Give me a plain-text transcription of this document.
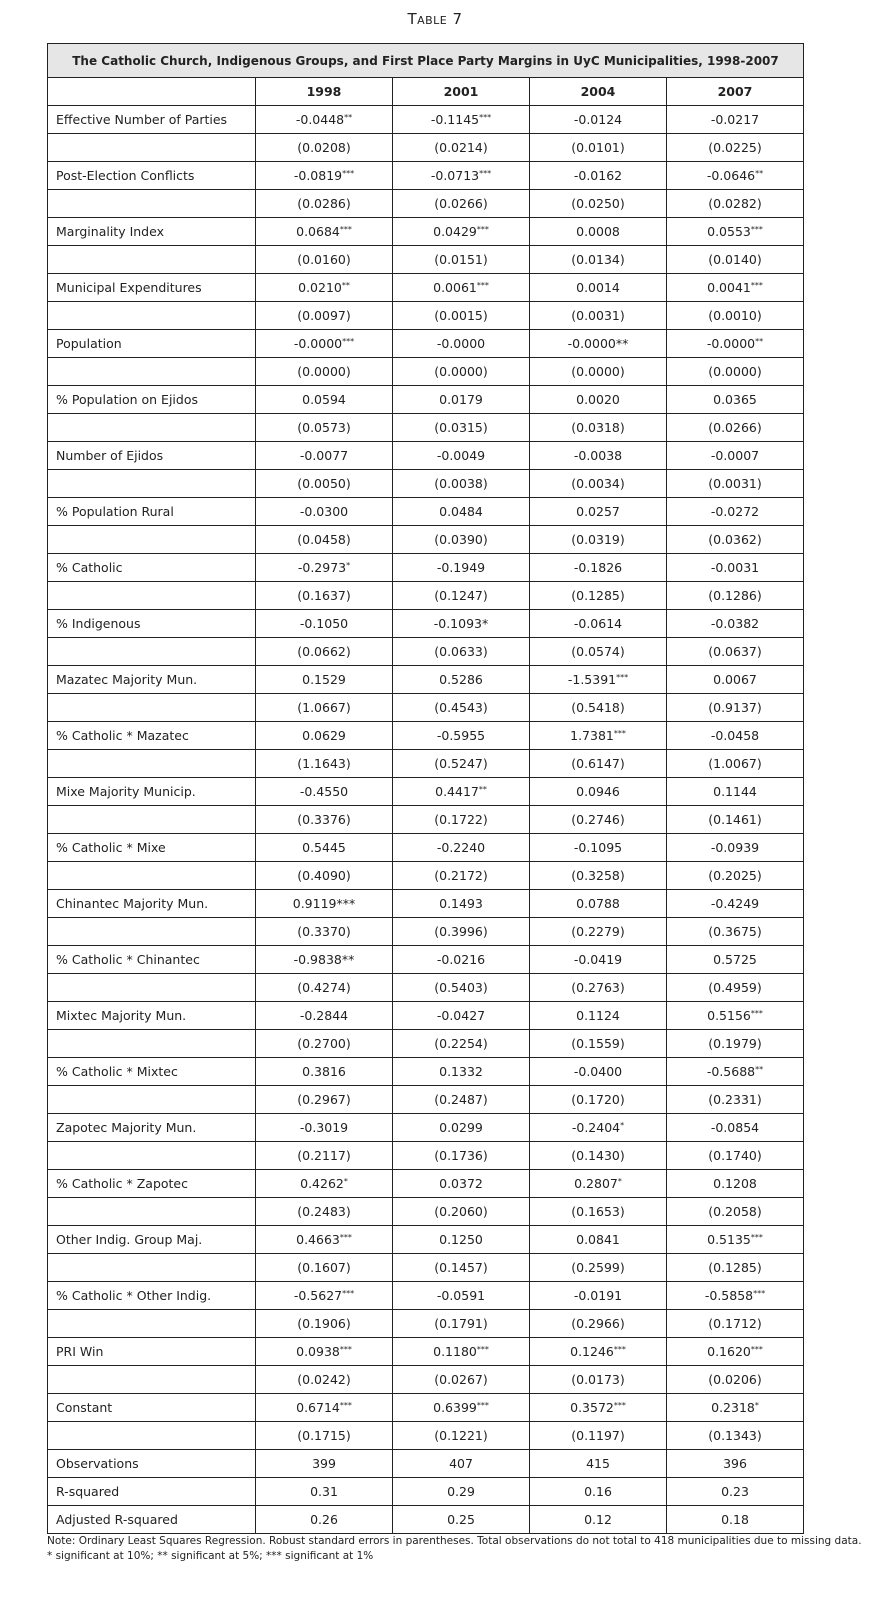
Table 7
The Catholic Church, Indigenous Groups, and First Place Party Margins in UyC Municipalities, 1998-2007				
	1998	2001	2004	2007
Effective Number of Parties	-0.0448**	-0.1145***	-0.0124	-0.0217
	(0.0208)	(0.0214)	(0.0101)	(0.0225)
Post-Election Conflicts	-0.0819***	-0.0713***	-0.0162	-0.0646**
	(0.0286)	(0.0266)	(0.0250)	(0.0282)
Marginality Index	0.0684***	0.0429***	0.0008	0.0553***
	(0.0160)	(0.0151)	(0.0134)	(0.0140)
Municipal Expenditures	0.0210**	0.0061***	0.0014	0.0041***
	(0.0097)	(0.0015)	(0.0031)	(0.0010)
Population	-0.0000***	-0.0000	-0.0000**	-0.0000**
	(0.0000)	(0.0000)	(0.0000)	(0.0000)
% Population on Ejidos	0.0594	0.0179	0.0020	0.0365
	(0.0573)	(0.0315)	(0.0318)	(0.0266)
Number of Ejidos	-0.0077	-0.0049	-0.0038	-0.0007
	(0.0050)	(0.0038)	(0.0034)	(0.0031)
% Population Rural	-0.0300	0.0484	0.0257	-0.0272
	(0.0458)	(0.0390)	(0.0319)	(0.0362)
% Catholic	-0.2973*	-0.1949	-0.1826	-0.0031
	(0.1637)	(0.1247)	(0.1285)	(0.1286)
% Indigenous	-0.1050	-0.1093*	-0.0614	-0.0382
	(0.0662)	(0.0633)	(0.0574)	(0.0637)
Mazatec Majority Mun.	0.1529	0.5286	-1.5391***	0.0067
	(1.0667)	(0.4543)	(0.5418)	(0.9137)
% Catholic * Mazatec	0.0629	-0.5955	1.7381***	-0.0458
	(1.1643)	(0.5247)	(0.6147)	(1.0067)
Mixe Majority Municip.	-0.4550	0.4417**	0.0946	0.1144
	(0.3376)	(0.1722)	(0.2746)	(0.1461)
% Catholic * Mixe	0.5445	-0.2240	-0.1095	-0.0939
	(0.4090)	(0.2172)	(0.3258)	(0.2025)
Chinantec Majority Mun.	0.9119***	0.1493	0.0788	-0.4249
	(0.3370)	(0.3996)	(0.2279)	(0.3675)
% Catholic * Chinantec	-0.9838**	-0.0216	-0.0419	0.5725
	(0.4274)	(0.5403)	(0.2763)	(0.4959)
Mixtec Majority Mun.	-0.2844	-0.0427	0.1124	0.5156***
	(0.2700)	(0.2254)	(0.1559)	(0.1979)
% Catholic * Mixtec	0.3816	0.1332	-0.0400	-0.5688**
	(0.2967)	(0.2487)	(0.1720)	(0.2331)
Zapotec Majority Mun.	-0.3019	0.0299	-0.2404*	-0.0854
	(0.2117)	(0.1736)	(0.1430)	(0.1740)
% Catholic * Zapotec	0.4262*	0.0372	0.2807*	0.1208
	(0.2483)	(0.2060)	(0.1653)	(0.2058)
Other Indig. Group Maj.	0.4663***	0.1250	0.0841	0.5135***
	(0.1607)	(0.1457)	(0.2599)	(0.1285)
% Catholic * Other Indig.	-0.5627***	-0.0591	-0.0191	-0.5858***
	(0.1906)	(0.1791)	(0.2966)	(0.1712)
PRI Win	0.0938***	0.1180***	0.1246***	0.1620***
	(0.0242)	(0.0267)	(0.0173)	(0.0206)
Constant	0.6714***	0.6399***	0.3572***	0.2318*
	(0.1715)	(0.1221)	(0.1197)	(0.1343)
Observations	399	407	415	396
R-squared	0.31	0.29	0.16	0.23
Adjusted R-squared	0.26	0.25	0.12	0.18
Note: Ordinary Least Squares Regression. Robust standard errors in parentheses. Total observations do not total to 418 municipalities due to missing data.
* significant at 10%; ** significant at 5%; *** significant at 1%
